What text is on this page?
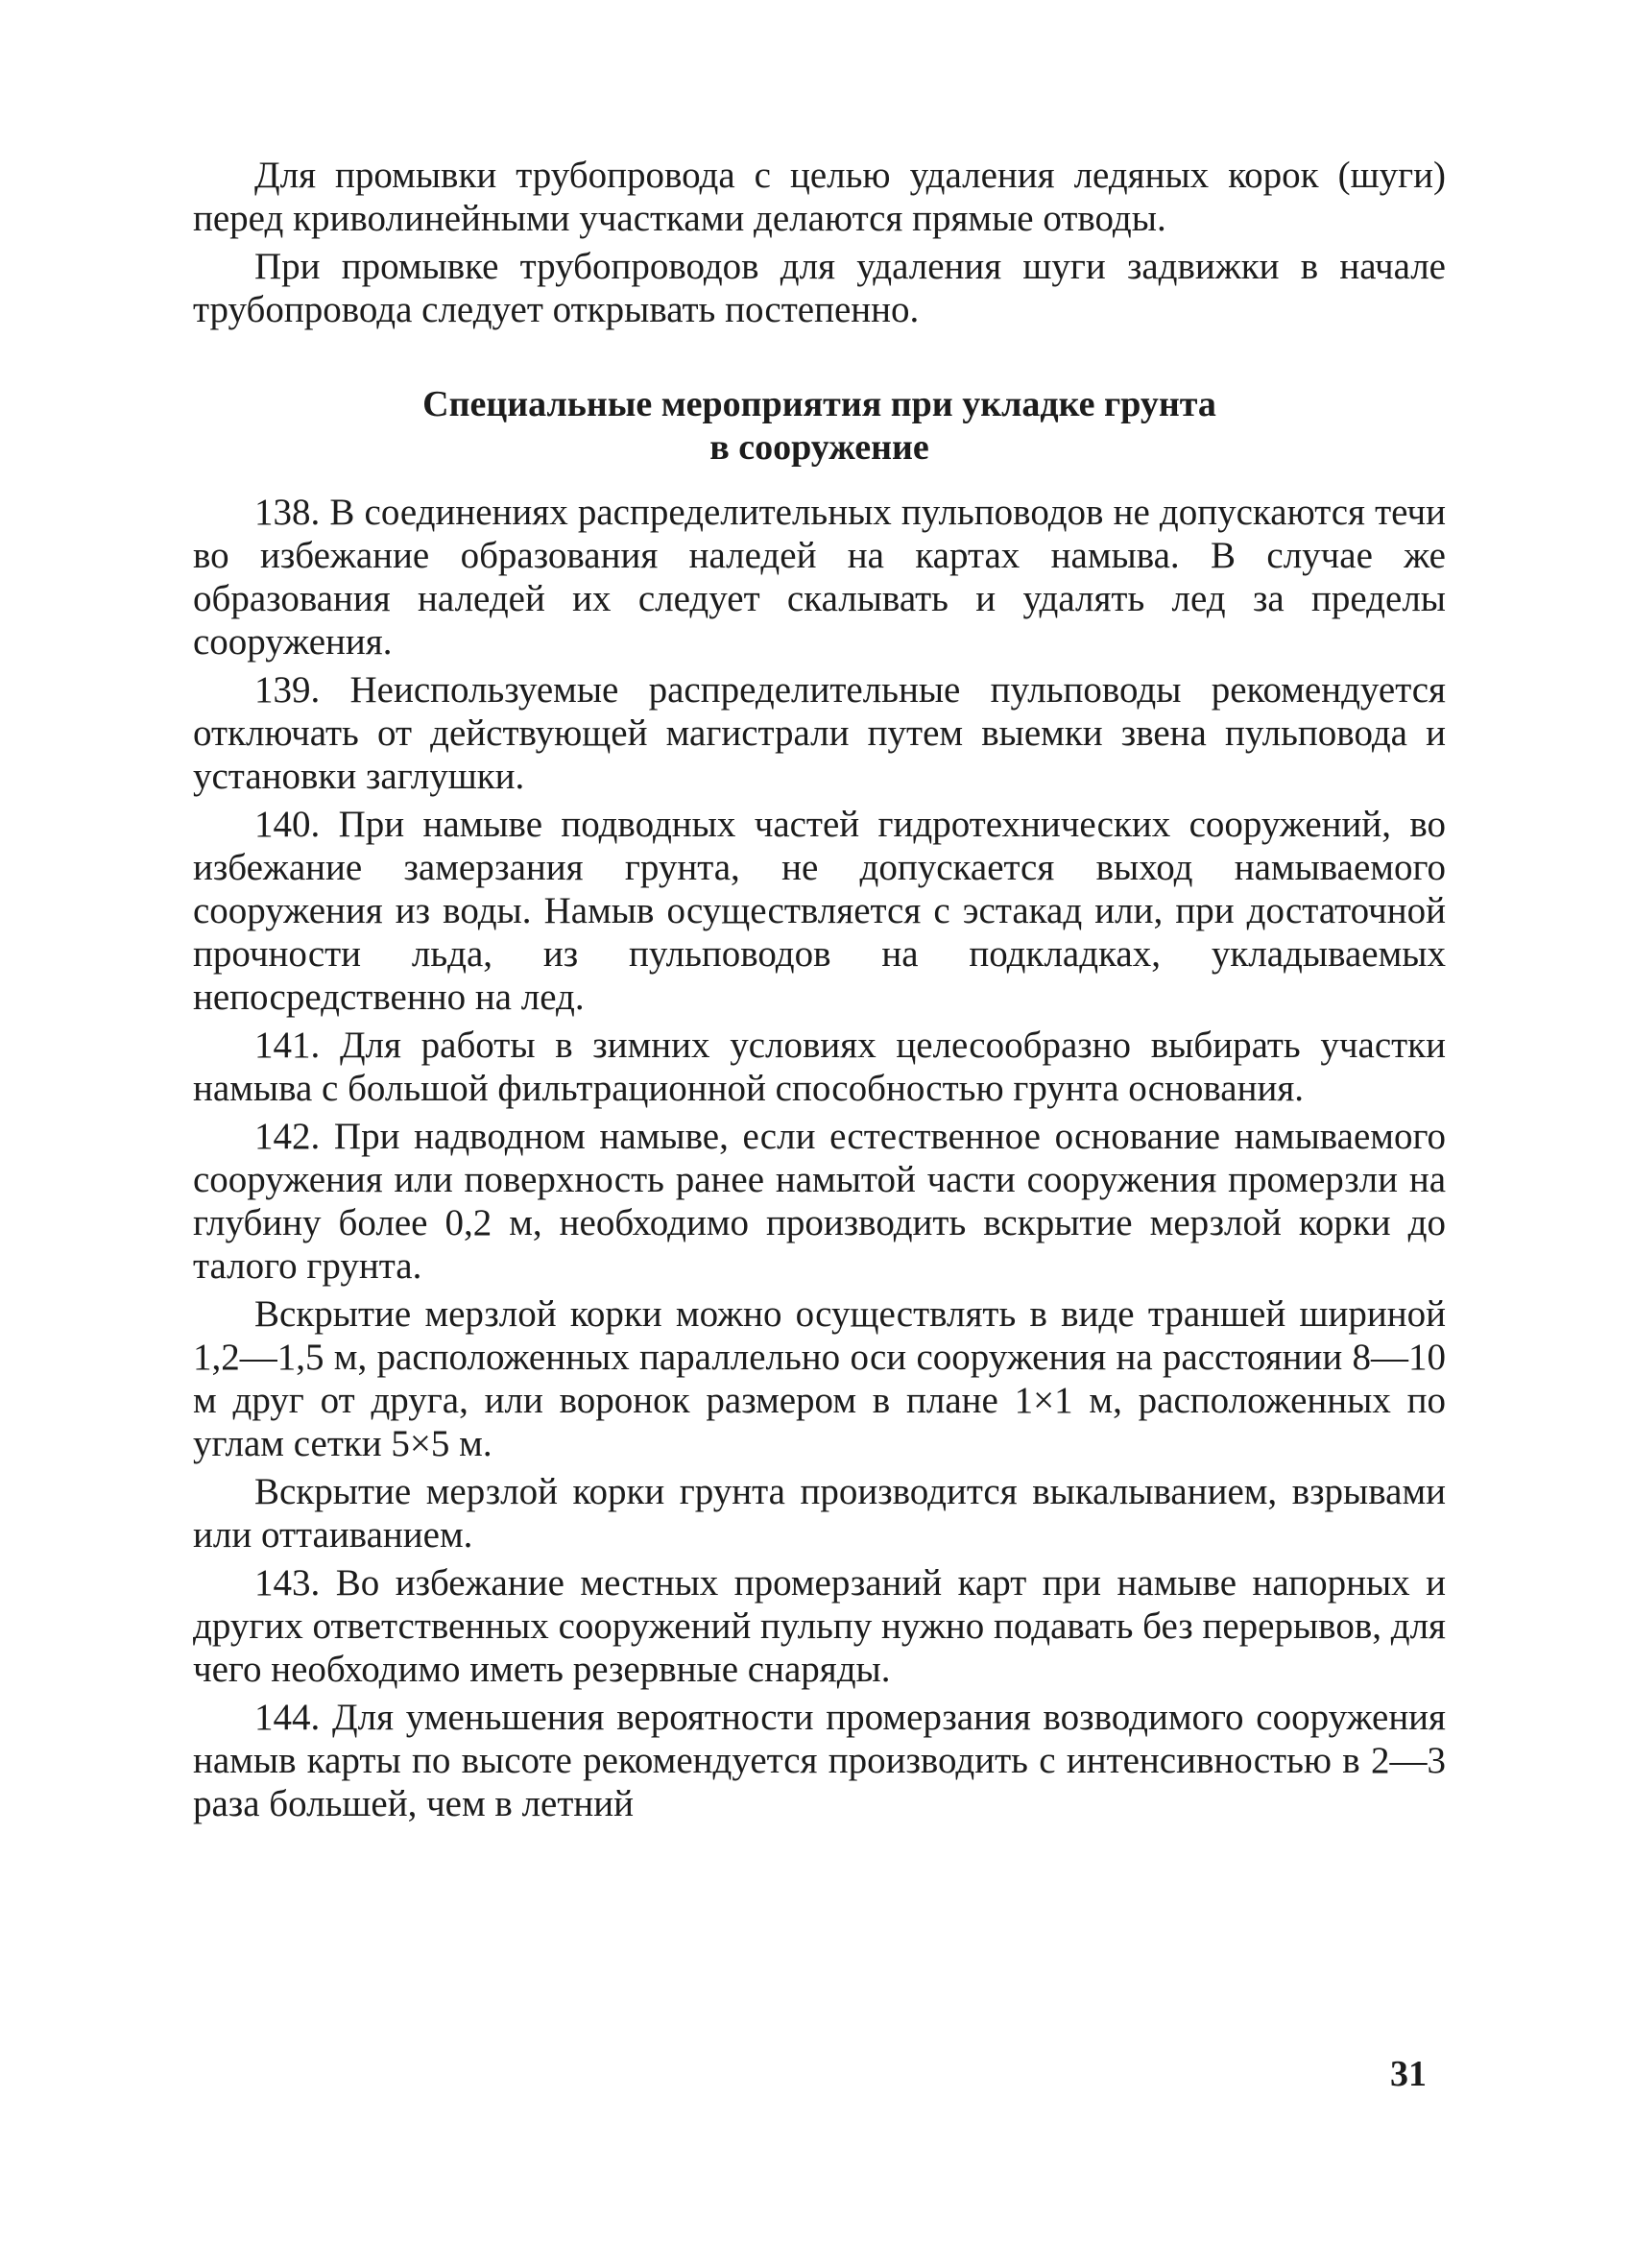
Для промывки трубопровода с целью удаления ледяных корок (шуги) перед криволинейными участками делаются прямые отводы.

При промывке трубопроводов для удаления шуги задвижки в начале трубопровода следует открывать постепенно.

Специальные мероприятия при укладке грунта
в сооружение

138. В соединениях распределительных пульповодов не допускаются течи во избежание образования наледей на картах намыва. В случае же образования наледей их следует скалывать и удалять лед за пределы сооружения.

139. Неиспользуемые распределительные пульповоды рекомендуется отключать от действующей магистрали путем выемки звена пульповода и установки заглушки.

140. При намыве подводных частей гидротехнических сооружений, во избежание замерзания грунта, не допускается выход намываемого сооружения из воды. Намыв осуществляется с эстакад или, при достаточной прочности льда, из пульповодов на подкладках, укладываемых непосредственно на лед.

141. Для работы в зимних условиях целесообразно выбирать участки намыва с большой фильтрационной способностью грунта основания.

142. При надводном намыве, если естественное основание намываемого сооружения или поверхность ранее намытой части сооружения промерзли на глубину более 0,2 м, необходимо производить вскрытие мерзлой корки до талого грунта.

Вскрытие мерзлой корки можно осуществлять в виде траншей шириной 1,2—1,5 м, расположенных параллельно оси сооружения на расстоянии 8—10 м друг от друга, или воронок размером в плане 1×1 м, расположенных по углам сетки 5×5 м.

Вскрытие мерзлой корки грунта производится выкалыванием, взрывами или оттаиванием.

143. Во избежание местных промерзаний карт при намыве напорных и других ответственных сооружений пульпу нужно подавать без перерывов, для чего необходимо иметь резервные снаряды.

144. Для уменьшения вероятности промерзания возводимого сооружения намыв карты по высоте рекомендуется производить с интенсивностью в 2—3 раза большей, чем в летний

31
